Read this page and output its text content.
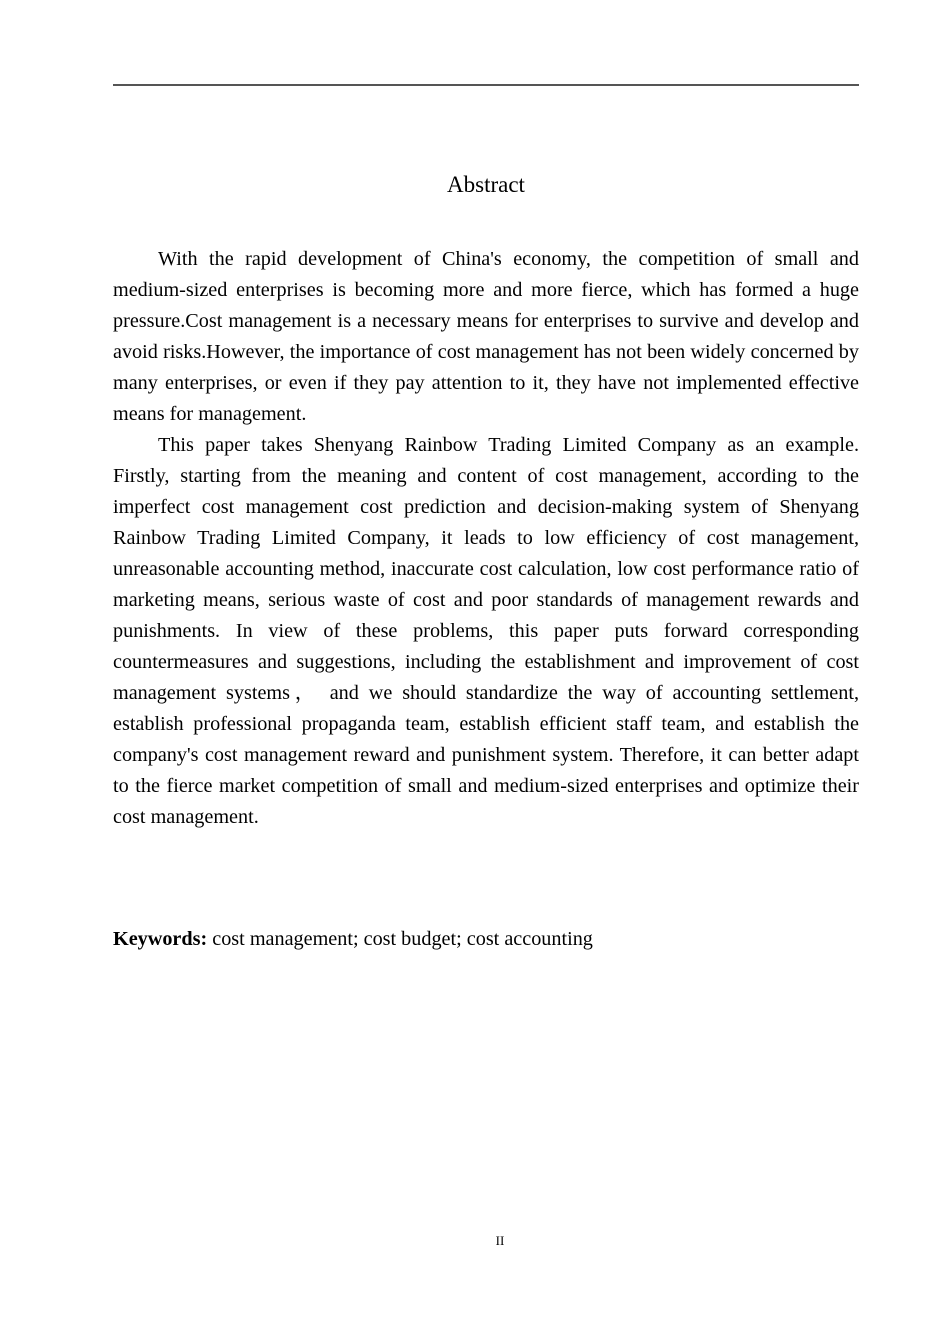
Abstract

With the rapid development of China's economy, the competition of small and medium-sized enterprises is becoming more and more fierce, which has formed a huge pressure.Cost management is a necessary means for enterprises to survive and develop and avoid risks.However, the importance of cost management has not been widely concerned by many enterprises, or even if they pay attention to it, they have not implemented effective means for management.

This paper takes Shenyang Rainbow Trading Limited Company as an example. Firstly, starting from the meaning and content of cost management, according to the imperfect cost management cost prediction and decision-making system of Shenyang Rainbow Trading Limited Company, it leads to low efficiency of cost management, unreasonable accounting method, inaccurate cost calculation, low cost performance ratio of marketing means, serious waste of cost and poor standards of management rewards and punishments. In view of these problems, this paper puts forward corresponding countermeasures and suggestions, including the establishment and improvement of cost management systems， and we should standardize the way of accounting settlement, establish professional propaganda team, establish efficient staff team, and establish the company's cost management reward and punishment system. Therefore, it can better adapt to the fierce market competition of small and medium-sized enterprises and optimize their cost management.

Keywords: cost management; cost budget; cost accounting
II
